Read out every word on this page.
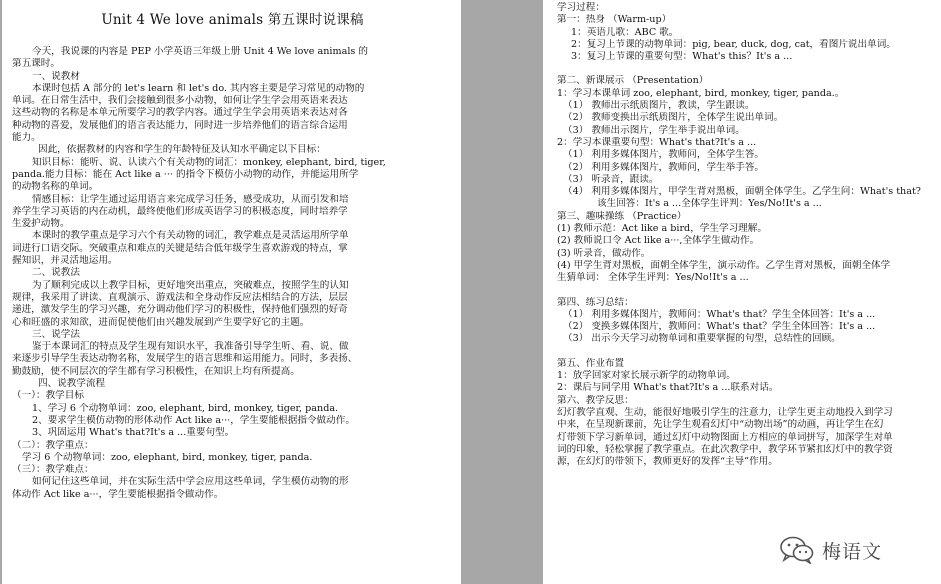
Unit 4 We love animals 第五课时说课稿
今天，我说课的内容是 PEP 小学英语三年级上册 Unit 4 We love animals 的
第五课时。
一、说教材
本课时包括 A 部分的 let's learn 和 let's do. 其内容主要是学习常见的动物的
单词。在日常生活中，我们会接触到很多小动物，如何让学生学会用英语来表达
这些动物的名称是本单元所要学习的教学内容。通过学生学会用英语来表达对各
种动物的喜爱，发展他们的语言表达能力，同时进一步培养他们的语言综合运用
能力。
因此，依据教材的内容和学生的年龄特征及认知水平确定以下目标：
知识目标：能听、说、认读六个有关动物的词汇：monkey, elephant, bird, tiger,
panda.能力目标：能在 Act like a ··· 的指令下模仿小动物的动作，并能运用所学
的动物名称的单词。
情感目标：让学生通过运用语言来完成学习任务，感受成功，从而引发和培
养学生学习英语的内在动机，最终使他们形成英语学习的积极态度，同时培养学
生爱护动物。
本课时的教学重点是学习六个有关动物的词汇，教学难点是灵活运用所学单
词进行口语交际。突破重点和难点的关键是结合低年级学生喜欢游戏的特点，掌
握知识，并灵活地运用。
二、说教法
为了顺利完成以上教学目标，更好地突出重点，突破难点，按照学生的认知
规律，我采用了讲读、直观演示、游戏法和全身动作反应法相结合的方法，层层
递进，激发学生的学习兴趣，充分调动他们学习的积极性，保持他们强烈的好奇
心和旺盛的求知欲，进而促使他们由兴趣发展到产生要学好它的主题。
三、说学法
鉴于本课词汇的特点及学生现有知识水平，我准备引导学生听、看、说、做
来逐步引导学生表达动物名称，发展学生的语言思维和运用能力。同时，多表扬、
勤鼓励，使不同层次的学生都有学习积极性，在知识上均有所提高。
四、说教学流程
（一）：教学目标
1、学习 6 个动物单词：zoo, elephant, bird, monkey, tiger, panda.
2、要求学生模仿动物的形体动作 Act like a···，学生要能根据指令做动作。
3、巩固运用 What's that?It's a ...重要句型。
（二）：教学重点：
学习 6 个动物单词：zoo, elephant, bird, monkey, tiger, panda.
（三）：教学难点：
如何记住这些单词，并在实际生活中学会应用这些单词，学生模仿动物的形
体动作 Act like a···，学生要能根据指令做动作。
学习过程：
第一：热身 （Warm-up）
1：英语儿歌：ABC 歌。
2：复习上节课的动物单词：pig, bear, duck, dog, cat，看图片说出单词。
3：复习上节课的重要句型：What's this？It's a ...
第二、新课展示 （Presentation）
1：学习本课单词 zoo, elephant, bird, monkey, tiger, panda.。
（1） 教师出示纸质图片，教读，学生跟读。
（2） 教师变换出示纸质图片，全体学生说出单词。
（3） 教师出示图片，学生举手说出单词。
2：学习本课重要句型：What's that?It's a ...
（1） 利用多媒体图片，教师问，全体学生答。
（2） 利用多媒体图片，教师问，学生举手答。
（3） 听录音，跟读。
（4） 利用多媒体图片，甲学生背对黑板，面朝全体学生。乙学生问：What's that?
该生回答：It's a ...全体学生评判：Yes/No!It's a ...
第三、趣味操练 （Practice）
(1) 教师示范：Act like a bird，学生学习理解。
(2) 教师说口令 Act like a···,全体学生做动作。
(3) 听录音，做动作。
(4) 甲学生背对黑板，面朝全体学生，演示动作。乙学生背对黑板，面朝全体学
生猜单词： 全体学生评判：Yes/No!It's a ...
第四、练习总结：
（1） 利用多媒体图片，教师问：What's that？学生全体回答：It's a ...
（2） 变换多媒体图片，教师问：What's that？学生全体回答：It's a ...
（3） 出示今天学习动物单词和重要掌握的句型，总结性的回顾。
第五、作业布置
1：放学回家对家长展示新学的动物单词。
2：课后与同学用 What's that?It's a ...联系对话。
第六、教学反思：
幻灯教学直观、生动，能很好地吸引学生的注意力，让学生更主动地投入到学习
中来，在呈现新课前，先让学生观看幻灯中“动物出场”的动画，再让学生在幻
灯带领下学习新单词，通过幻灯中动物图面上方相应的单词拼写，加深学生对单
词的印象，轻松掌握了教学重点。在此次教学中，教学环节紧扣幻灯中的教学资
源，在幻灯的带领下，教师更好的发挥“主导”作用。
梅语文
